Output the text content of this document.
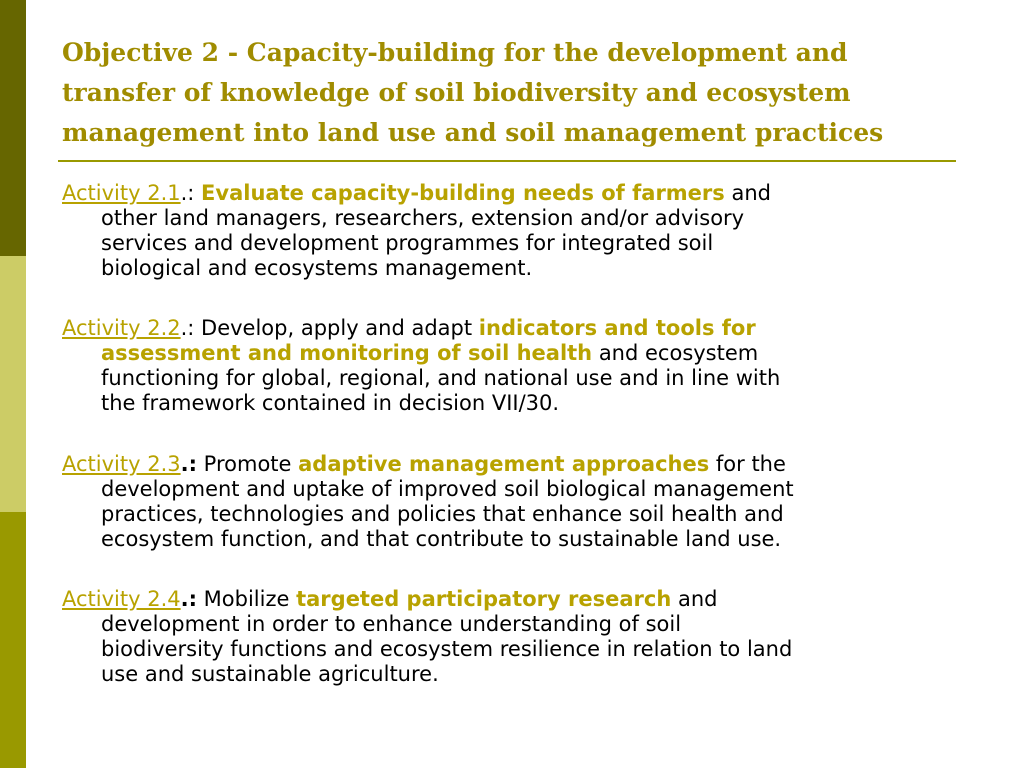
Objective 2 - Capacity-building for the development and
transfer of knowledge of soil biodiversity and ecosystem
management into land use and soil management practices
Activity 2.1.: Evaluate capacity-building needs of farmers and
other land managers, researchers, extension and/or advisory
services and development programmes for integrated soil
biological and ecosystems management.
Activity 2.2.: Develop, apply and adapt indicators and tools for
assessment and monitoring of soil health and ecosystem
functioning for global, regional, and national use and in line with
the framework contained in decision VII/30.
Activity 2.3.: Promote adaptive management approaches for the
development and uptake of improved soil biological management
practices, technologies and policies that enhance soil health and
ecosystem function, and that contribute to sustainable land use.
Activity 2.4.: Mobilize targeted participatory research and
development in order to enhance understanding of soil
biodiversity functions and ecosystem resilience in relation to land
use and sustainable agriculture.
